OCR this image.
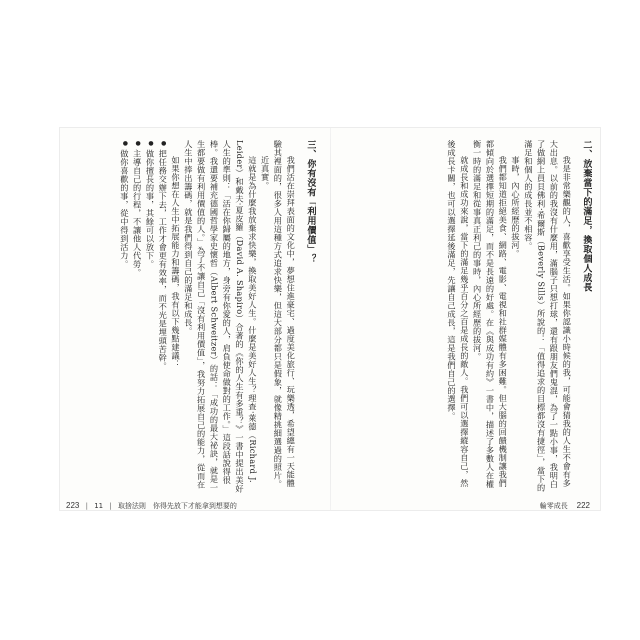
二、放棄當下的滿足，換取個人成長
我是非常樂觀的人，喜歡享受生活。如果你認識小時候的我，可能會猜我的人生不會有多大出息。以前的我沒有什麼用，滿腦子只想打球，還有跟朋友們鬼混，為了一點小事，我明白了做網上員貝佛利·希爾斯（Beverly Sills）所說的：「值得追求的目標都沒有捷徑」，當下的滿足和個人的成長並不相容。
事時，內心所經歷的拔河。
我們都知道拒絕美食、網路、電影、電視和社群媒體有多困難。但大腦的回饋機制讓我們都傾向於選擇短期的滿足，而不是長遠的好處。在《與成功有約》一書中，描述了多數人在權衡一時的滿足和從事真正利己的事時，內心所經歷的拔河。
就成長和成功來說，當下的滿足幾乎百分之百是成長的敵人。我們可以選擇縱容自己，然後成長卡關，也可以選擇延後滿足，先讓自己成長，這是我們自己的選擇。
輪零成長 222
三、你有沒有「利用價值」？
我們活在崇拜表面的文化中，夢想住進豪宅、過度美化旅行、玩樂透，希望總有一天能體驗其裡面的，很多人用這種方式追求快樂，但這大部分都只是假象，就像精挑細選過的照片。
近真實。
這就是為什麼我放棄求快樂，換取美好人生。什麼是美好人生？理查·萊德（Richard J. Leider）和戴夫·夏皮羅（David A. Shapiro）合著的《你的人生有多重？》一書中提出美好人生的準則：「活在你歸屬的地方，身旁有你愛的人，肩負使命做對的工作。」這段話說得很棒。我還要補充德國哲學家史懷哲（Albert Schweitzer）的話：「成功的最大祕訣，就是一生都要做有利用價值的人。」為了不讓自己「沒有利用價值」，我努力拓展自己的能力，從而在人生中捧出籌碼，就是我們得到自己的滿足和成長。
如果你想在人生中拓展能力和籌碼，我有以下幾點建議：
● 把任務交辦下去，工作才會更有效率，而不光是埋頭苦幹。
● 做你擅長的事，其餘可以放下。
● 主導自己的行程，不讓他人代勞。
● 做你喜歡的事，從中得到活力。
223 | 11 | 取捨法則　你得先放下才能拿到想要的
